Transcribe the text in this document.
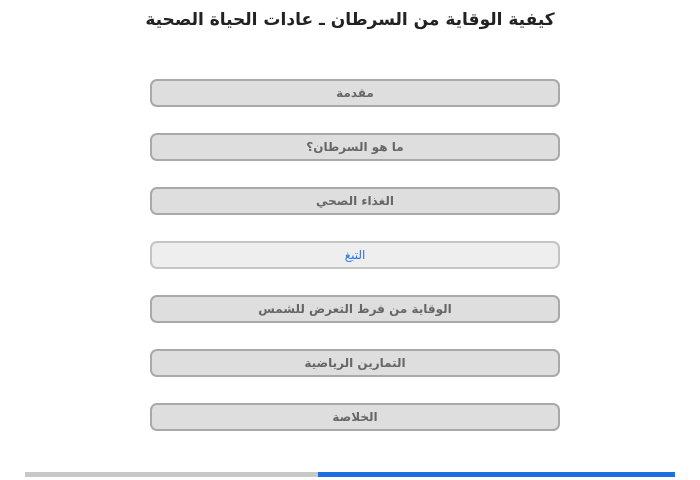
كيفية الوقاية من السرطان ـ عادات الحياة الصحية
مقدمة
ما هو السرطان؟
الغذاء الصحي
التبغ
الوقاية من فرط التعرض للشمس
التمارين الرياضية
الخلاصة
